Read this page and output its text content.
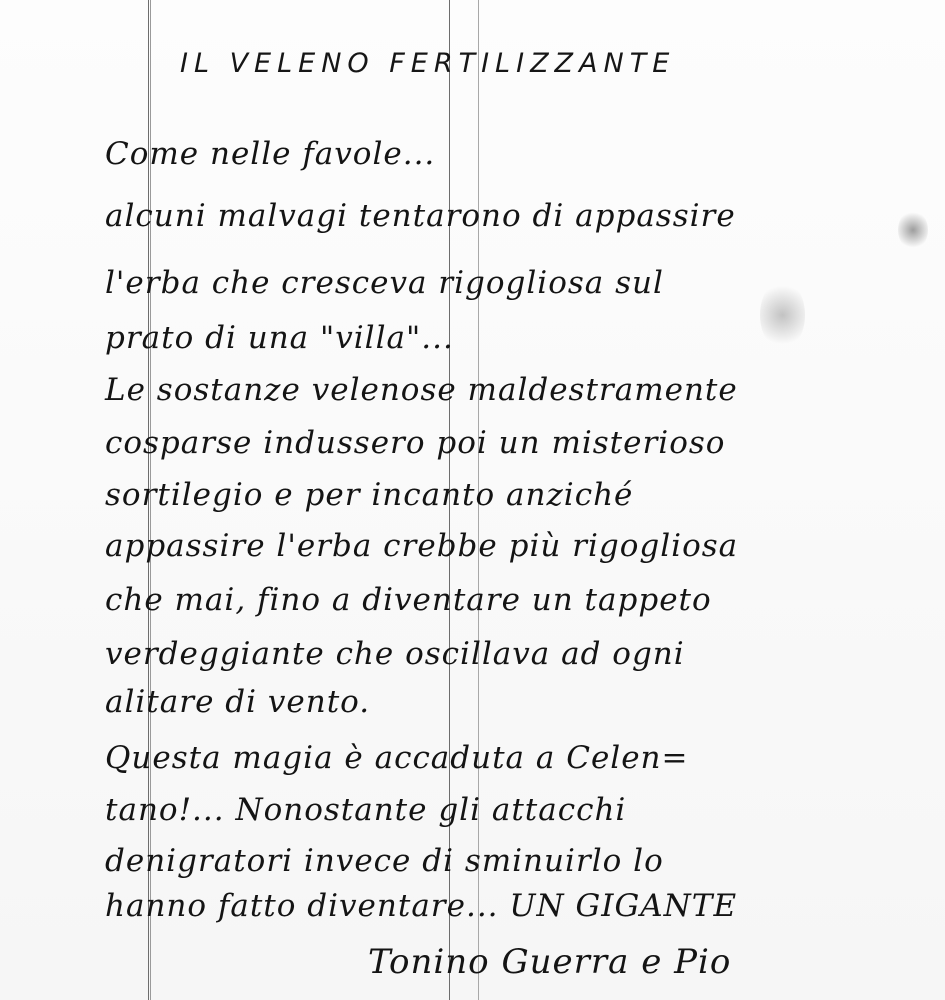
IL VELENO FERTILIZZANTE
Come nelle favole...
alcuni malvagi tentarono di appassire
l'erba che cresceva rigogliosa sul
prato di una "villa"...
Le sostanze velenose maldestramente
cosparse indussero poi un misterioso
sortilegio e per incanto anziché
appassire l'erba crebbe più rigogliosa
che mai, fino a diventare un tappeto
verdeggiante che oscillava ad ogni
alitare di vento.
Questa magia è accaduta a Celen=
tano!... Nonostante gli attacchi
denigratori invece di sminuirlo lo
hanno fatto diventare... UN GIGANTE
Tonino Guerra e Pio
